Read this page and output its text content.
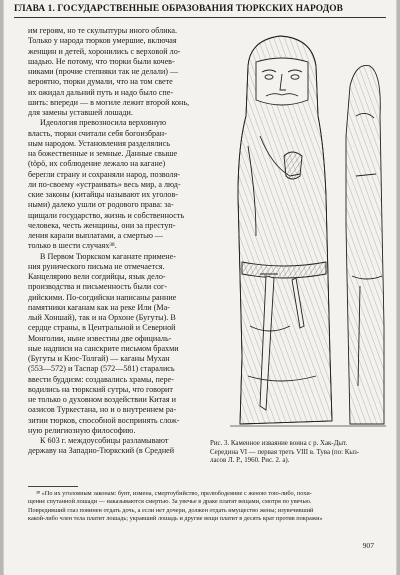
ГЛАВА 1. ГОСУДАРСТВЕННЫЕ ОБРАЗОВАНИЯ ТЮРКСКИХ НАРОДОВ
им героям, но те скульптуры иного облика.
Только у народа тюрков умершие, включая
женщин и детей, хоронились с верховой ло-
шадью. Не потому, что тюрки были кочев-
никами (прочие степняки так не делали) —
вероятно, тюрки думали, что на том свете
их ожидал дальний путь и надо было спе-
шить: впереди — в могиле лежит второй конь,
для замены уставшей лошади.
Идеология превозносила верховную
власть, тюрки считали себя богоизбран-
ным народом. Установления разделялись
на божественные и земные. Данные свыше
(tӧрӧ, их соблюдение лежало на кагане)
берегли страну и сохраняли народ, позволя-
ли по-своему «устраивать» весь мир, а люд-
ские законы (китайцы называют их уголов-
ными) далеко ушли от родового права: за-
щищали государство, жизнь и собственность
человека, честь женщины, они за преступ-
ления карали выплатами, а смертью —
только в шести случаях³⁸.
В Первом Тюркском каганате примене-
ния рунического письма не отмечается.
Канцелярию вели согдийцы, язык дело-
производства и письменность были сог-
дийскими. По-согдийски написаны ранние
памятники каганам как на реке Или (Ма-
лый Хоншай), так и на Орхоне (Бугуты). В
сердце страны, в Центральной и Северной
Монголии, ныне известны две официаль-
ные надписи на санскрите письмом брахми
(Бугуты и Кюс-Толгай) — каганы Мухан
(553—572) и Таспар (572—581) старались
ввести буддизм: создавались храмы, пере-
водились на тюркский сутры, что говорит
не только о духовном воздействии Китая и
оазисов Туркестана, но и о внутреннем ра-
зитии тюрков, способной воспринять слож-
ную религиозную философию.
К 603 г. междоусобицы разламывают
державу на Западно-Тюркский (в Средней
Рис. 3. Каменное изваяние воина с р. Хак-Дыт.
Середина VI — первая треть VIII в. Тува (по: Кыз-
ласов Л. Р., 1960. Рис. 2. а).
³⁸ «По их уголовным законам: бунт, измена, смертоубийство, прелюбодеяние с женою тою-либо, похи-
щение спутанной лошади — наказываются смертью. За увечье в драке платят вещами, смотря по увечью.
Повредивший глаз повинен отдать дочь, а если нет дочери, должен отдать имущество жены; изувечивший
какой-либо член тела платит лошадь; укравший лошадь и другие вещи платит в десять крат против покражи»
907
